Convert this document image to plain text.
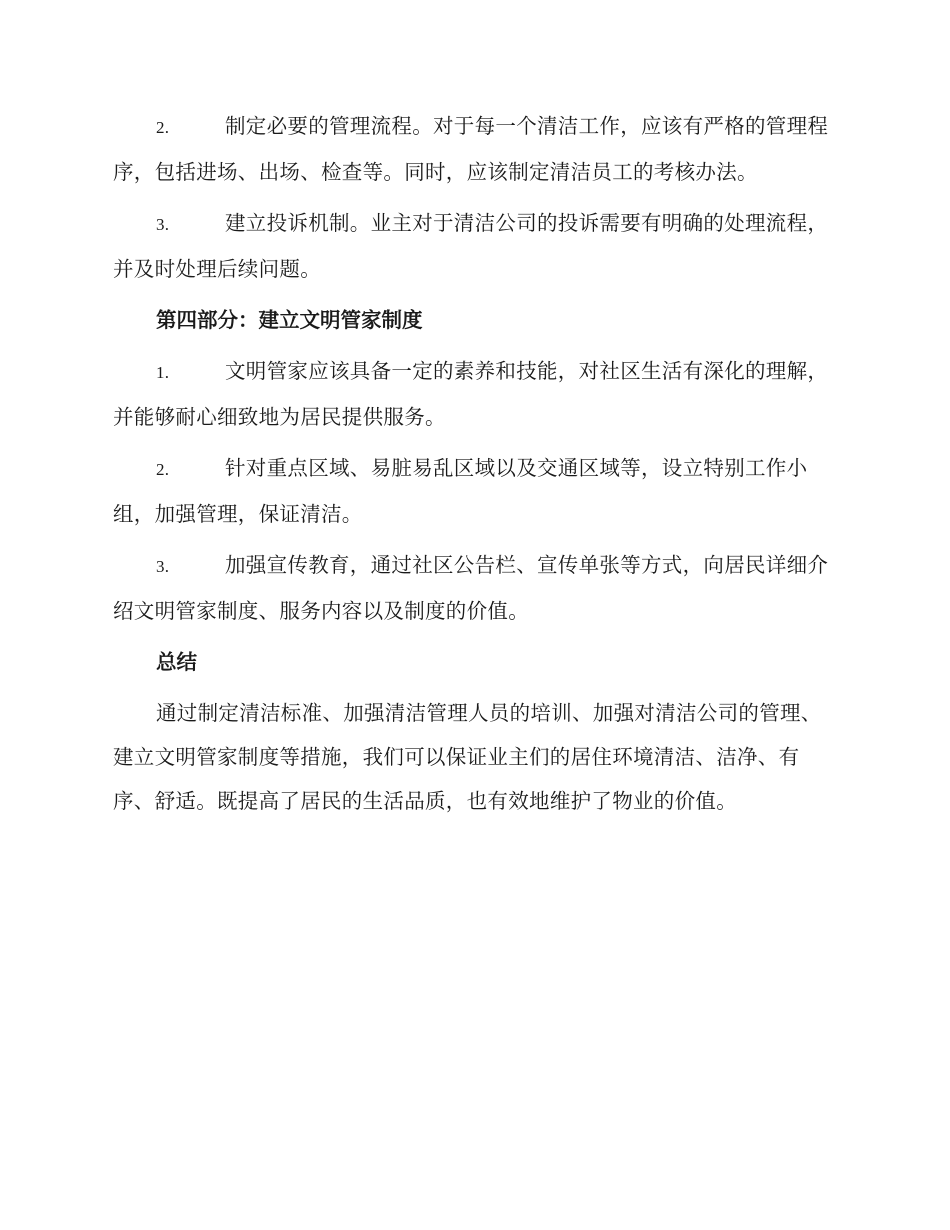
2.	制定必要的管理流程。对于每一个清洁工作，应该有严格的管理程序，包括进场、出场、检查等。同时，应该制定清洁员工的考核办法。

3.	建立投诉机制。业主对于清洁公司的投诉需要有明确的处理流程，并及时处理后续问题。

第四部分：建立文明管家制度

1.	文明管家应该具备一定的素养和技能，对社区生活有深化的理解，并能够耐心细致地为居民提供服务。

2.	针对重点区域、易脏易乱区域以及交通区域等，设立特别工作小组，加强管理，保证清洁。

3.	加强宣传教育，通过社区公告栏、宣传单张等方式，向居民详细介绍文明管家制度、服务内容以及制度的价值。

总结

通过制定清洁标准、加强清洁管理人员的培训、加强对清洁公司的管理、建立文明管家制度等措施，我们可以保证业主们的居住环境清洁、洁净、有序、舒适。既提高了居民的生活品质，也有效地维护了物业的价值。
